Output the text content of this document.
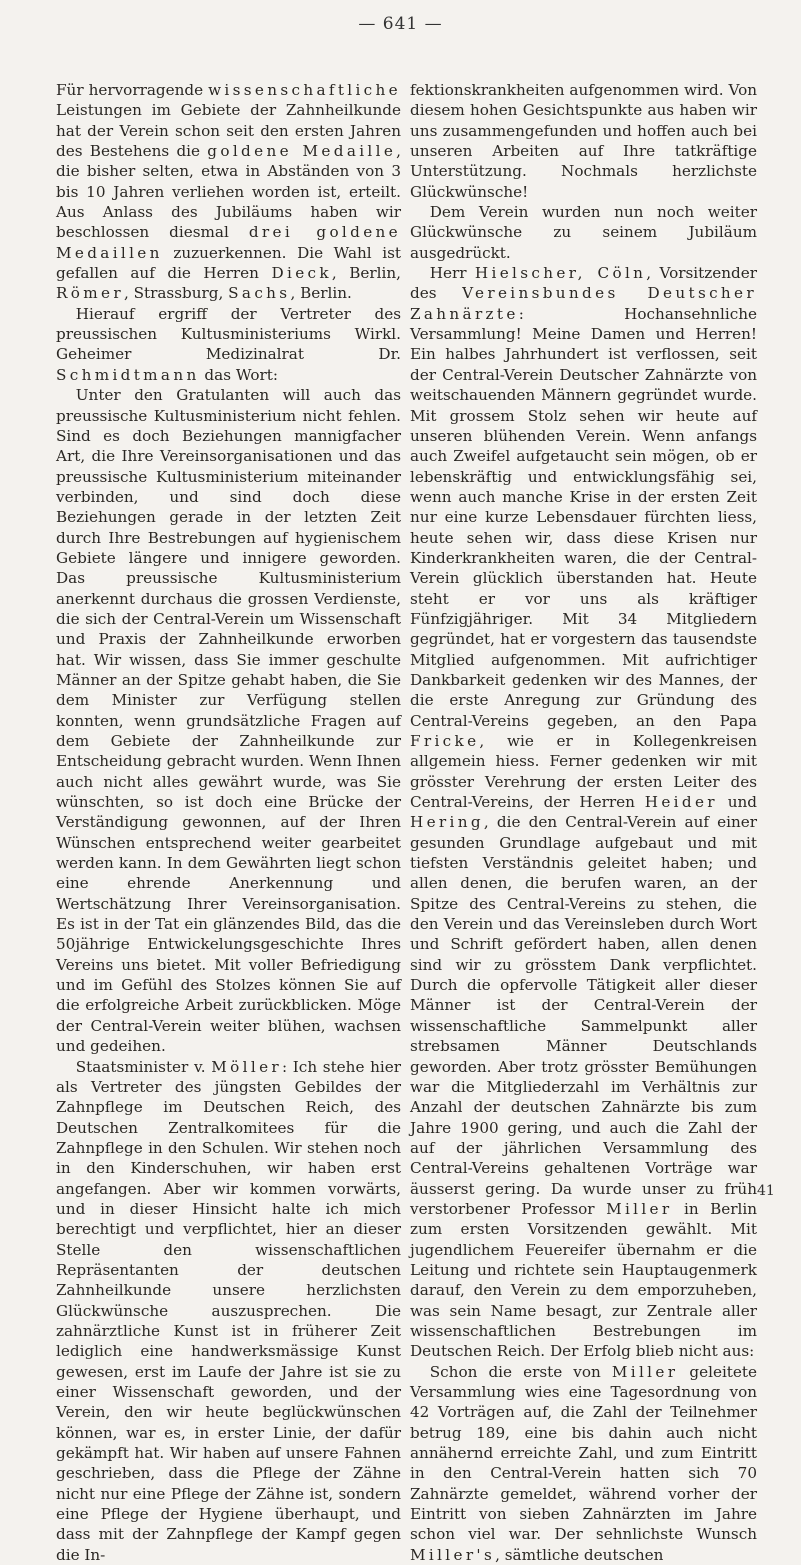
— 641 —

Für hervorragende wissenschaftliche Leistungen im Gebiete der Zahnheilkunde hat der Verein schon seit den ersten Jahren des Bestehens die goldene Medaille, die bisher selten, etwa in Abständen von 3 bis 10 Jahren verliehen worden ist, erteilt. Aus Anlass des Jubiläums haben wir beschlossen diesmal drei goldene Medaillen zuzuerkennen. Die Wahl ist gefallen auf die Herren Dieck, Berlin, Römer, Strassburg, Sachs, Berlin.

Hierauf ergriff der Vertreter des preussischen Kultusministeriums Wirkl. Geheimer Medizinalrat Dr. Schmidtmann das Wort:

Unter den Gratulanten will auch das preussische Kultusministerium nicht fehlen. Sind es doch Beziehungen mannigfacher Art, die Ihre Vereinsorganisationen und das preussische Kultusministerium miteinander verbinden, und sind doch diese Beziehungen gerade in der letzten Zeit durch Ihre Bestrebungen auf hygienischem Gebiete längere und innigere geworden. Das preussische Kultusministerium anerkennt durchaus die grossen Verdienste, die sich der Central-Verein um Wissenschaft und Praxis der Zahnheilkunde erworben hat. Wir wissen, dass Sie immer geschulte Männer an der Spitze gehabt haben, die Sie dem Minister zur Verfügung stellen konnten, wenn grundsätzliche Fragen auf dem Gebiete der Zahnheilkunde zur Entscheidung gebracht wurden. Wenn Ihnen auch nicht alles gewährt wurde, was Sie wünschten, so ist doch eine Brücke der Verständigung gewonnen, auf der Ihren Wünschen entsprechend weiter gearbeitet werden kann. In dem Gewährten liegt schon eine ehrende Anerkennung und Wertschätzung Ihrer Vereinsorganisation. Es ist in der Tat ein glänzendes Bild, das die 50jährige Entwickelungsgeschichte Ihres Vereins uns bietet. Mit voller Befriedigung und im Gefühl des Stolzes können Sie auf die erfolgreiche Arbeit zurückblicken. Möge der Central-Verein weiter blühen, wachsen und gedeihen.

Staatsminister v. Möller: Ich stehe hier als Vertreter des jüngsten Gebildes der Zahnpflege im Deutschen Reich, des Deutschen Zentralkomitees für die Zahnpflege in den Schulen. Wir stehen noch in den Kinderschuhen, wir haben erst angefangen. Aber wir kommen vorwärts, und in dieser Hinsicht halte ich mich berechtigt und verpflichtet, hier an dieser Stelle den wissenschaftlichen Repräsentanten der deutschen Zahnheilkunde unsere herzlichsten Glückwünsche auszusprechen. Die zahnärztliche Kunst ist in früherer Zeit lediglich eine handwerksmässige Kunst gewesen, erst im Laufe der Jahre ist sie zu einer Wissenschaft geworden, und der Verein, den wir heute beglückwünschen können, war es, in erster Linie, der dafür gekämpft hat. Wir haben auf unsere Fahnen geschrieben, dass die Pflege der Zähne nicht nur eine Pflege der Zähne ist, sondern eine Pflege der Hygiene überhaupt, und dass mit der Zahnpflege der Kampf gegen die In-

fektionskrankheiten aufgenommen wird. Von diesem hohen Gesichtspunkte aus haben wir uns zusammengefunden und hoffen auch bei unseren Arbeiten auf Ihre tatkräftige Unterstützung. Nochmals herzlichste Glückwünsche!

Dem Verein wurden nun noch weiter Glückwünsche zu seinem Jubiläum ausgedrückt.

Herr Hielscher, Cöln, Vorsitzender des Vereinsbundes Deutscher Zahnärzte: Hochansehnliche Versammlung! Meine Damen und Herren! Ein halbes Jahrhundert ist verflossen, seit der Central-Verein Deutscher Zahnärzte von weitschauenden Männern gegründet wurde. Mit grossem Stolz sehen wir heute auf unseren blühenden Verein. Wenn anfangs auch Zweifel aufgetaucht sein mögen, ob er lebenskräftig und entwicklungsfähig sei, wenn auch manche Krise in der ersten Zeit nur eine kurze Lebensdauer fürchten liess, heute sehen wir, dass diese Krisen nur Kinderkrankheiten waren, die der Central-Verein glücklich überstanden hat. Heute steht er vor uns als kräftiger Fünfzigjähriger. Mit 34 Mitgliedern gegründet, hat er vorgestern das tausendste Mitglied aufgenommen. Mit aufrichtiger Dankbarkeit gedenken wir des Mannes, der die erste Anregung zur Gründung des Central-Vereins gegeben, an den Papa Fricke, wie er in Kollegenkreisen allgemein hiess. Ferner gedenken wir mit grösster Verehrung der ersten Leiter des Central-Vereins, der Herren Heider und Hering, die den Central-Verein auf einer gesunden Grundlage aufgebaut und mit tiefsten Verständnis geleitet haben; und allen denen, die berufen waren, an der Spitze des Central-Vereins zu stehen, die den Verein und das Vereinsleben durch Wort und Schrift gefördert haben, allen denen sind wir zu grösstem Dank verpflichtet. Durch die opfervolle Tätigkeit aller dieser Männer ist der Central-Verein der wissenschaftliche Sammelpunkt aller strebsamen Männer Deutschlands geworden. Aber trotz grösster Bemühungen war die Mitgliederzahl im Verhältnis zur Anzahl der deutschen Zahnärzte bis zum Jahre 1900 gering, und auch die Zahl der auf der jährlichen Versammlung des Central-Vereins gehaltenen Vorträge war äusserst gering. Da wurde unser zu früh verstorbener Professor Miller in Berlin zum ersten Vorsitzenden gewählt. Mit jugendlichem Feuereifer übernahm er die Leitung und richtete sein Hauptaugenmerk darauf, den Verein zu dem emporzuheben, was sein Name besagt, zur Zentrale aller wissenschaftlichen Bestrebungen im Deutschen Reich. Der Erfolg blieb nicht aus:

Schon die erste von Miller geleitete Versammlung wies eine Tagesordnung von 42 Vorträgen auf, die Zahl der Teilnehmer betrug 189, eine bis dahin auch nicht annähernd erreichte Zahl, und zum Eintritt in den Central-Verein hatten sich 70 Zahnärzte gemeldet, während vorher der Eintritt von sieben Zahnärzten im Jahre schon viel war. Der sehnlichste Wunsch Miller's, sämtliche deutschen

41
